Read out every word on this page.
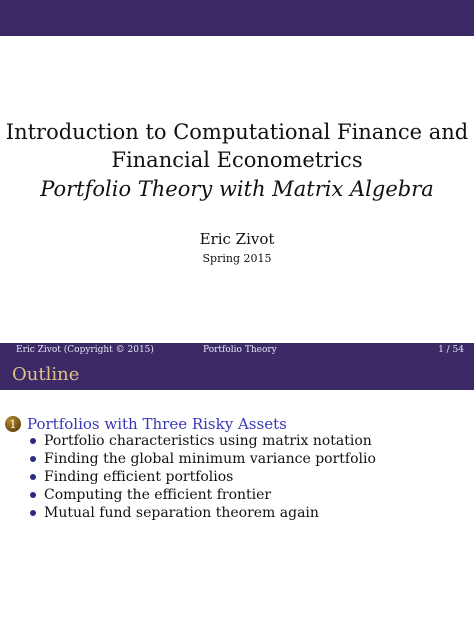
Introduction to Computational Finance and
Financial Econometrics
Portfolio Theory with Matrix Algebra
Eric Zivot
Spring 2015
Eric Zivot (Copyright © 2015)	Portfolio Theory	1 / 54
Outline
1 Portfolios with Three Risky Assets
Portfolio characteristics using matrix notation
Finding the global minimum variance portfolio
Finding efficient portfolios
Computing the efficient frontier
Mutual fund separation theorem again
